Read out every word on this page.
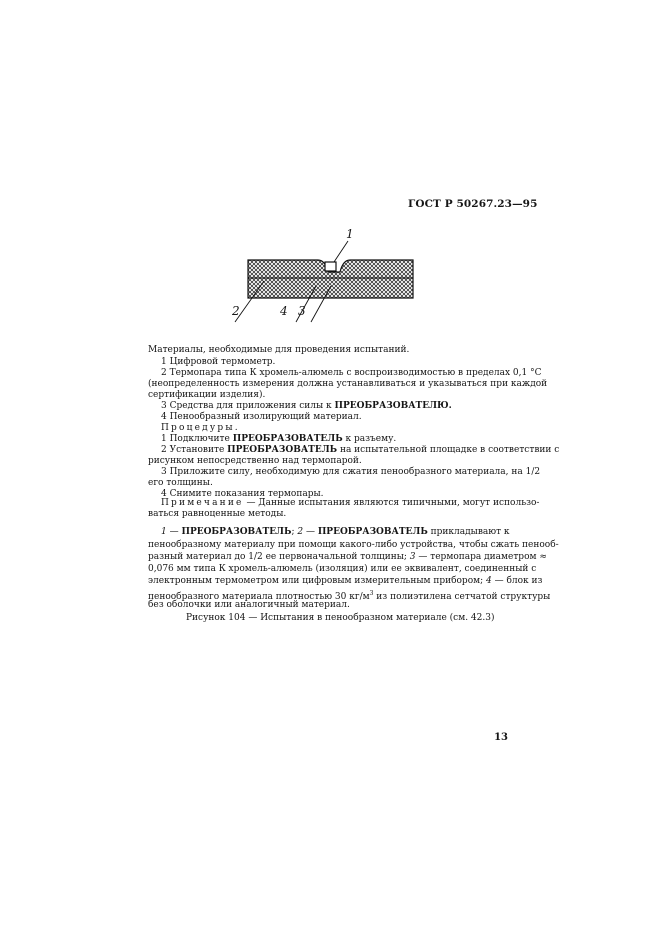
ГОСТ Р 50267.23—95
1
2	4 3
Материалы, необходимые для проведения испытаний.
1 Цифровой термометр.
2 Термопара типа К хромель-алюмель с воспроизводимостью в пределах 0,1 °С
(неопределенность измерения должна устанавливаться и указываться при каждой
сертификации изделия).
3 Средства для приложения силы к ПРЕОБРАЗОВАТЕЛЮ.
4 Пенообразный изолирующий материал.
Процедуры.
1 Подключите ПРЕОБРАЗОВАТЕЛЬ к разъему.
2 Установите ПРЕОБРАЗОВАТЕЛЬ на испытательной площадке в соответствии с
рисунком непосредственно над термопарой.
3 Приложите силу, необходимую для сжатия пенообразного материала, на 1/2
его толщины.
4 Снимите показания термопары.
Примечание — Данные испытания являются типичными, могут использо-
ваться равноценные методы.
1 — ПРЕОБРАЗОВАТЕЛЬ; 2 — ПРЕОБРАЗОВАТЕЛЬ прикладывают к
пенообразному материалу при помощи какого-либо устройства, чтобы сжать пенооб-
разный материал до 1/2 ее первоначальной толщины; 3 — термопара диаметром ≈
0,076 мм типа К хромель-алюмель (изоляция) или ее эквивалент, соединенный с
электронным термометром или цифровым измерительным прибором; 4 — блок из
пенообразного материала плотностью 30 $кг/м^3$ из полиэтилена сетчатой структуры
без оболочки или аналогичный материал.
Рисунок 104 — Испытания в пенообразном материале (см. 42.3)
13
